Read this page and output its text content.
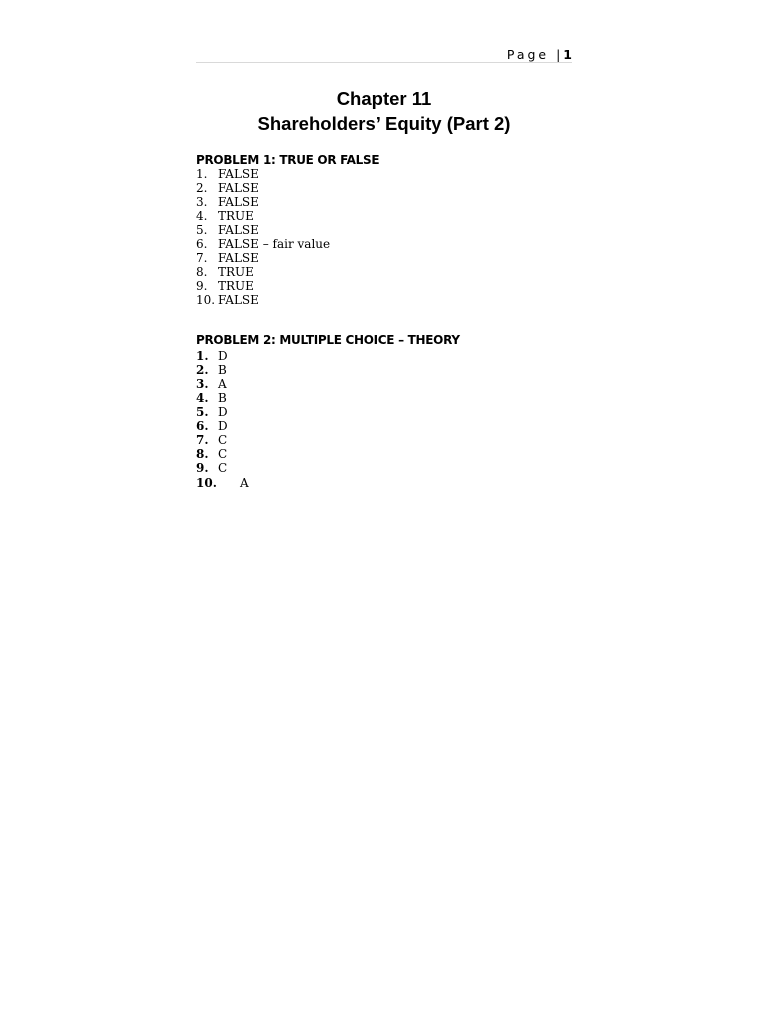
Page |1
Chapter 11
Shareholders’ Equity (Part 2)
PROBLEM 1: TRUE OR FALSE
1. FALSE
2. FALSE
3. FALSE
4. TRUE
5. FALSE
6. FALSE – fair value
7. FALSE
8. TRUE
9. TRUE
10. FALSE
PROBLEM 2: MULTIPLE CHOICE – THEORY
1. D
2. B
3. A
4. B
5. D
6. D
7. C
8. C
9. C
10. A
